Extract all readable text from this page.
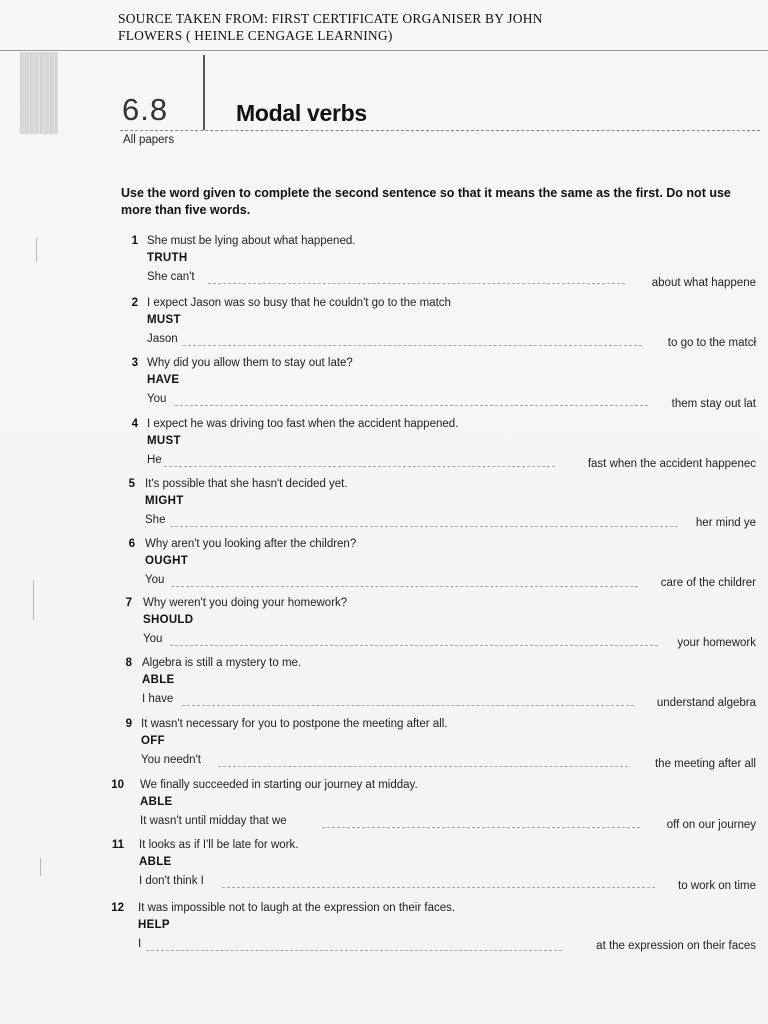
SOURCE TAKEN FROM: FIRST CERTIFICATE ORGANISER BY JOHN
FLOWERS ( HEINLE CENGAGE LEARNING)
6.8	Modal verbs
All papers
Use the word given to complete the second sentence so that it means the same as the first. Do not use more than five words.
1 She must be lying about what happened.
TRUTH
She can't	about what happene
2 I expect Jason was so busy that he couldn't go to the match
MUST
Jason	to go to the matcł
3 Why did you allow them to stay out late?
HAVE
You	them stay out lat
4 I expect he was driving too fast when the accident happened.
MUST
He	fast when the accident happenec
5 It's possible that she hasn't decided yet.
MIGHT
She	her mind ye
6 Why aren't you looking after the children?
OUGHT
You	care of the childrer
7 Why weren't you doing your homework?
SHOULD
You	your homework
8 Algebra is still a mystery to me.
ABLE
I have	understand algebra
9 It wasn't necessary for you to postpone the meeting after all.
OFF
You needn't	the meeting after all
10 We finally succeeded in starting our journey at midday.
ABLE
It wasn't until midday that we	off on our journey
11 It looks as if I'll be late for work.
ABLE
I don't think I	to work on time
12 It was impossible not to laugh at the expression on their faces.
HELP
I	at the expression on their faces
